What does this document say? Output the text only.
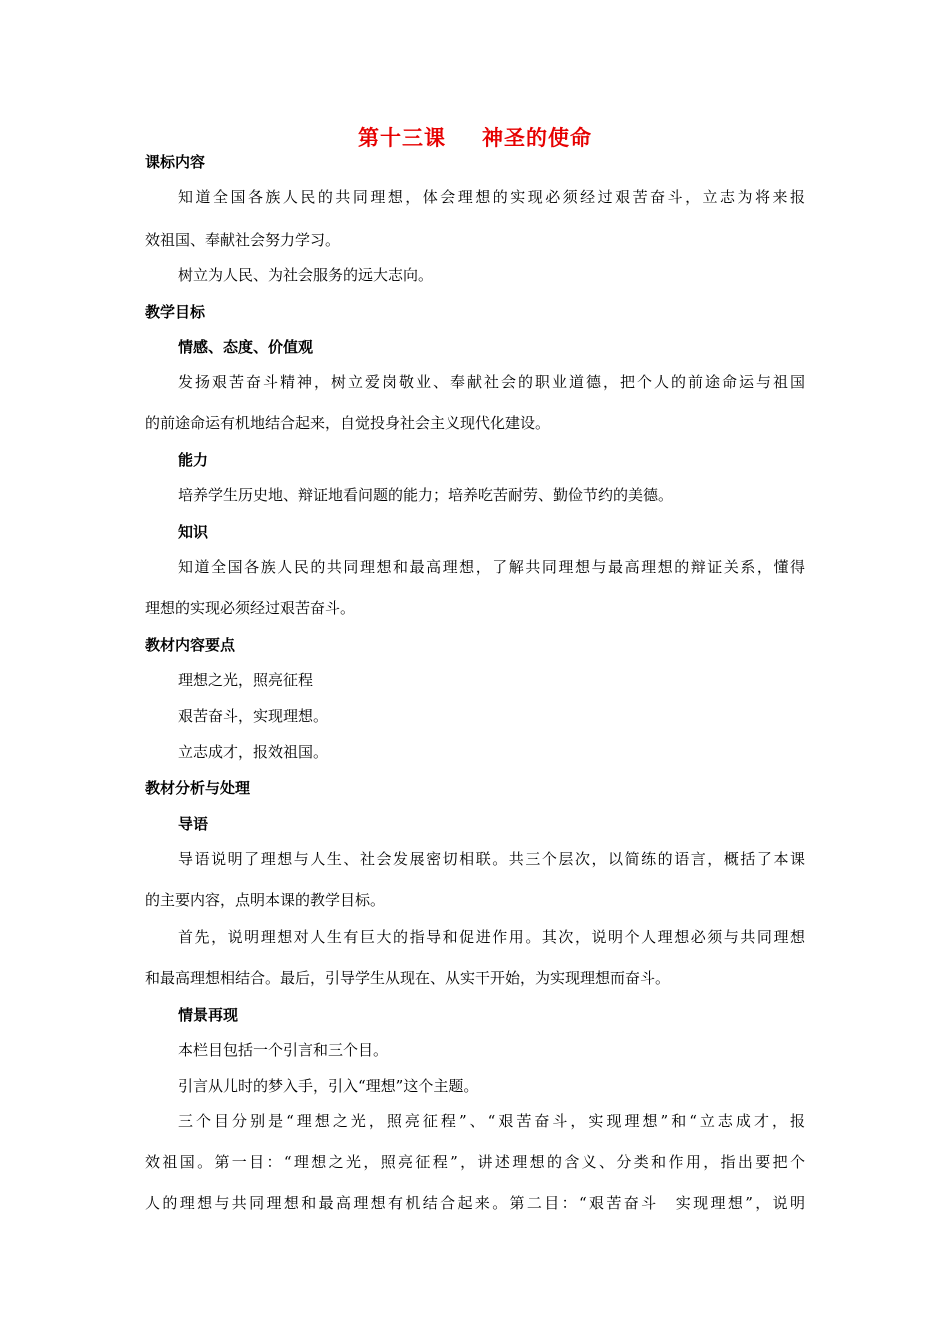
第十三课 神圣的使命
课标内容
知道全国各族人民的共同理想，体会理想的实现必须经过艰苦奋斗，立志为将来报
效祖国、奉献社会努力学习。
树立为人民、为社会服务的远大志向。
教学目标
情感、态度、价值观
发扬艰苦奋斗精神，树立爱岗敬业、奉献社会的职业道德，把个人的前途命运与祖国
的前途命运有机地结合起来，自觉投身社会主义现代化建设。
能力
培养学生历史地、辩证地看问题的能力；培养吃苦耐劳、勤俭节约的美德。
知识
知道全国各族人民的共同理想和最高理想，了解共同理想与最高理想的辩证关系，懂得
理想的实现必须经过艰苦奋斗。
教材内容要点
理想之光，照亮征程
艰苦奋斗，实现理想。
立志成才，报效祖国。
教材分析与处理
导语
导语说明了理想与人生、社会发展密切相联。共三个层次，以简练的语言，概括了本课
的主要内容，点明本课的教学目标。
首先，说明理想对人生有巨大的指导和促进作用。其次，说明个人理想必须与共同理想
和最高理想相结合。最后，引导学生从现在、从实干开始，为实现理想而奋斗。
情景再现
本栏目包括一个引言和三个目。
引言从儿时的梦入手，引入“理想”这个主题。
三个目分别是“理想之光，照亮征程”、“艰苦奋斗，实现理想”和“立志成才，报
效祖国。第一目：“理想之光，照亮征程”，讲述理想的含义、分类和作用，指出要把个
人的理想与共同理想和最高理想有机结合起来。第二目：“艰苦奋斗　实现理想”，说明
